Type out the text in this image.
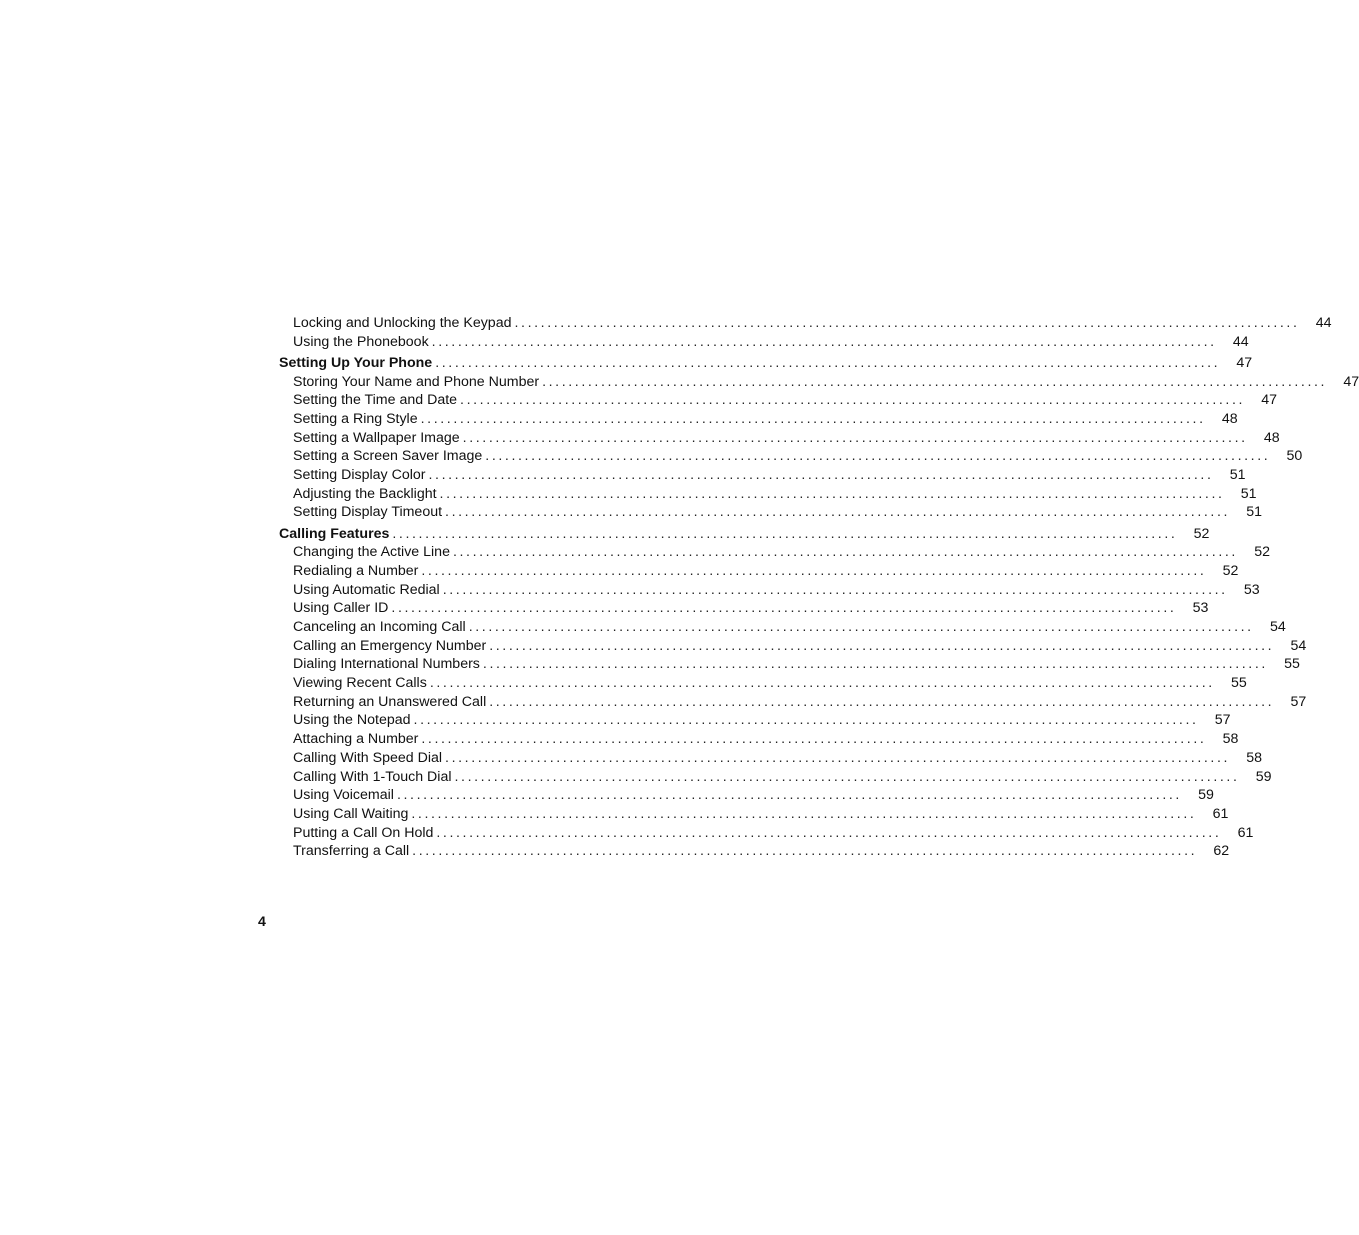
Locking and Unlocking the Keypad ........................................................................................................................	44
Using the Phonebook ........................................................................................................................	44
Setting Up Your Phone ........................................................................................................................	47
Storing Your Name and Phone Number ........................................................................................................................	47
Setting the Time and Date ........................................................................................................................	47
Setting a Ring Style ........................................................................................................................	48
Setting a Wallpaper Image ........................................................................................................................	48
Setting a Screen Saver Image ........................................................................................................................	50
Setting Display Color ........................................................................................................................	51
Adjusting the Backlight ........................................................................................................................	51
Setting Display Timeout ........................................................................................................................	51
Calling Features ........................................................................................................................	52
Changing the Active Line ........................................................................................................................	52
Redialing a Number ........................................................................................................................	52
Using Automatic Redial ........................................................................................................................	53
Using Caller ID ........................................................................................................................	53
Canceling an Incoming Call ........................................................................................................................	54
Calling an Emergency Number ........................................................................................................................	54
Dialing International Numbers ........................................................................................................................	55
Viewing Recent Calls ........................................................................................................................	55
Returning an Unanswered Call ........................................................................................................................	57
Using the Notepad ........................................................................................................................	57
Attaching a Number ........................................................................................................................	58
Calling With Speed Dial ........................................................................................................................	58
Calling With 1-Touch Dial ........................................................................................................................	59
Using Voicemail ........................................................................................................................	59
Using Call Waiting ........................................................................................................................	61
Putting a Call On Hold ........................................................................................................................	61
Transferring a Call ........................................................................................................................	62
4
